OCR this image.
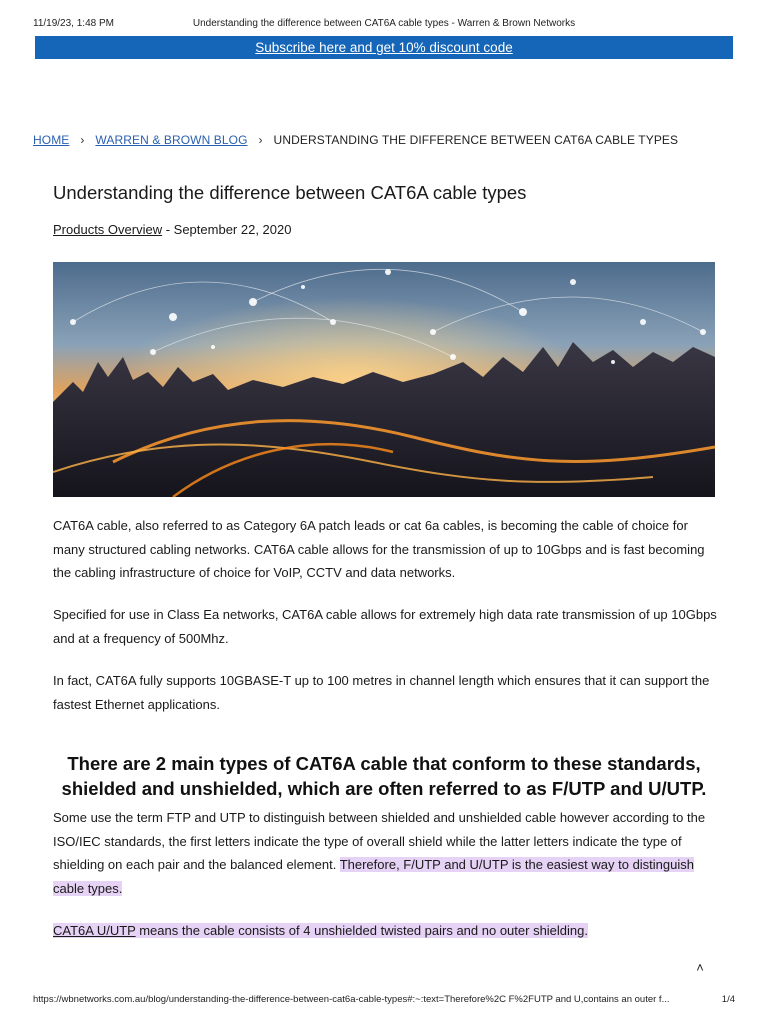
11/19/23, 1:48 PM	Understanding the difference between CAT6A cable types - Warren & Brown Networks
Subscribe here and get 10% discount code
HOME › WARREN & BROWN BLOG › UNDERSTANDING THE DIFFERENCE BETWEEN CAT6A CABLE TYPES
Understanding the difference between CAT6A cable types
Products Overview - September 22, 2020
CAT6A cable, also referred to as Category 6A patch leads or cat 6a cables, is becoming the cable of choice for many structured cabling networks. CAT6A cable allows for the transmission of up to 10Gbps and is fast becoming the cabling infrastructure of choice for VoIP, CCTV and data networks.
Specified for use in Class Ea networks, CAT6A cable allows for extremely high data rate transmission of up 10Gbps and at a frequency of 500Mhz.
In fact, CAT6A fully supports 10GBASE-T up to 100 metres in channel length which ensures that it can support the fastest Ethernet applications.
There are 2 main types of CAT6A cable that conform to these standards, shielded and unshielded, which are often referred to as F/UTP and U/UTP.
Some use the term FTP and UTP to distinguish between shielded and unshielded cable however according to the ISO/IEC standards, the first letters indicate the type of overall shield while the latter letters indicate the type of shielding on each pair and the balanced element. Therefore, F/UTP and U/UTP is the easiest way to distinguish cable types.
CAT6A U/UTP means the cable consists of 4 unshielded twisted pairs and no outer shielding.
˄
https://wbnetworks.com.au/blog/understanding-the-difference-between-cat6a-cable-types#:~:text=Therefore%2C F%2FUTP and U,contains an outer f...	1/4
